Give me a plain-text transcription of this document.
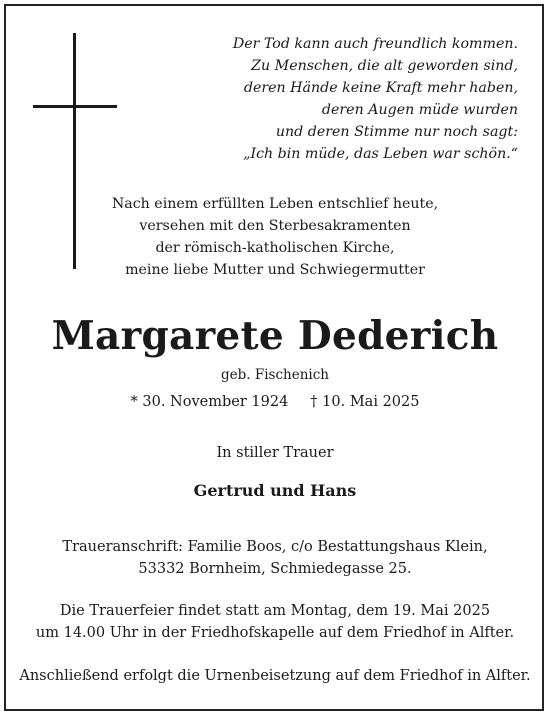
Der Tod kann auch freundlich kommen.
Zu Menschen, die alt geworden sind,
deren Hände keine Kraft mehr haben,
deren Augen müde wurden
und deren Stimme nur noch sagt:
„Ich bin müde, das Leben war schön.“
Nach einem erfüllten Leben entschlief heute,
versehen mit den Sterbesakramenten
der römisch-katholischen Kirche,
meine liebe Mutter und Schwiegermutter
Margarete Dederich
geb. Fischenich
* 30. November 1924 † 10. Mai 2025
In stiller Trauer
Gertrud und Hans
Traueranschrift: Familie Boos, c/o Bestattungshaus Klein,
53332 Bornheim, Schmiedegasse 25.
Die Trauerfeier findet statt am Montag, dem 19. Mai 2025
um 14.00 Uhr in der Friedhofskapelle auf dem Friedhof in Alfter.
Anschließend erfolgt die Urnenbeisetzung auf dem Friedhof in Alfter.
